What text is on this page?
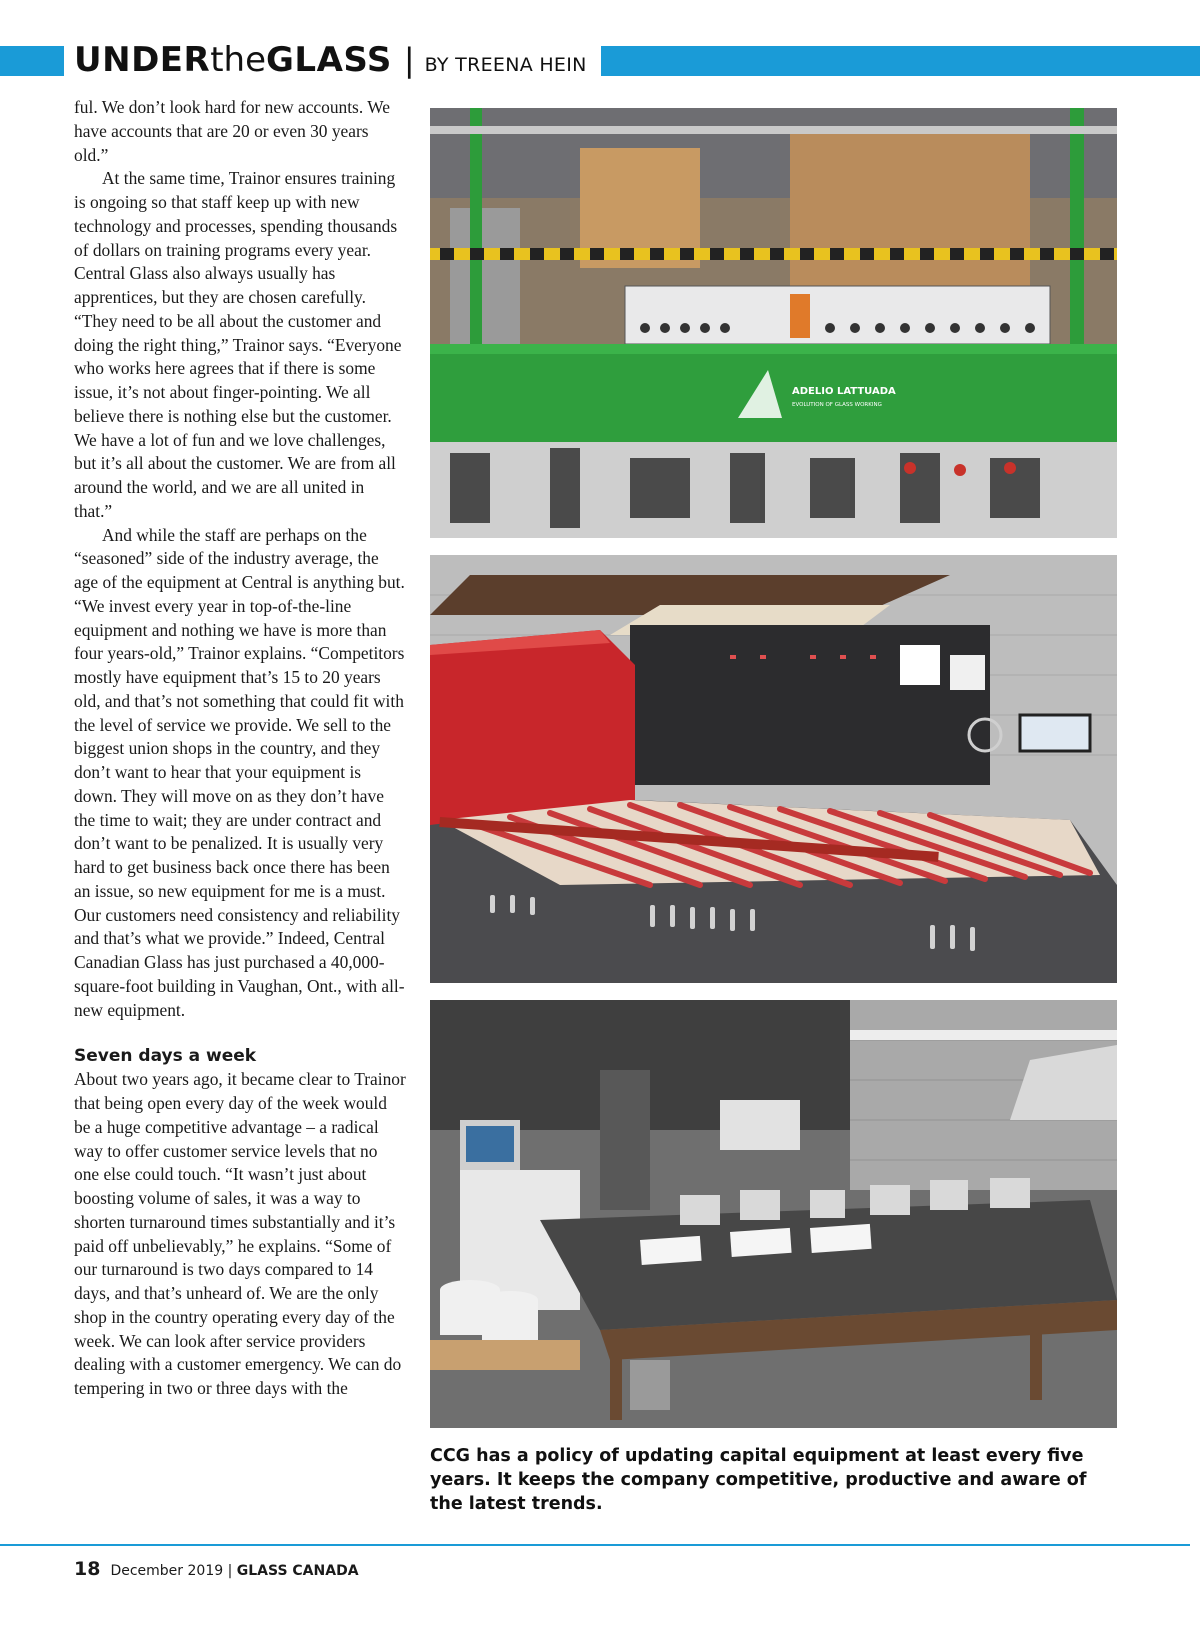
UNDER the GLASS | BY TREENA HEIN

ful. We don’t look hard for new accounts. We have accounts that are 20 or even 30 years old.”

At the same time, Trainor ensures training is ongoing so that staff keep up with new technology and processes, spending thousands of dollars on training programs every year. Central Glass also always usually has apprentices, but they are chosen carefully. “They need to be all about the customer and doing the right thing,” Trainor says. “Everyone who works here agrees that if there is some issue, it’s not about finger-pointing. We all believe there is nothing else but the customer. We have a lot of fun and we love challenges, but it’s all about the customer. We are from all around the world, and we are all united in that.”

And while the staff are perhaps on the “seasoned” side of the industry average, the age of the equipment at Central is anything but. “We invest every year in top-of-the-line equipment and nothing we have is more than four years-old,” Trainor explains. “Competitors mostly have equipment that’s 15 to 20 years old, and that’s not something that could fit with the level of service we provide. We sell to the biggest union shops in the country, and they don’t want to hear that your equipment is down. They will move on as they don’t have the time to wait; they are under contract and don’t want to be penalized. It is usually very hard to get business back once there has been an issue, so new equipment for me is a must. Our customers need consistency and reliability and that’s what we provide.” Indeed, Central Canadian Glass has just purchased a 40,000-square-foot building in Vaughan, Ont., with all-new equipment.

Seven days a week

About two years ago, it became clear to Trainor that being open every day of the week would be a huge competitive advantage – a radical way to offer customer service levels that no one else could touch. “It wasn’t just about boosting volume of sales, it was a way to shorten turnaround times substantially and it’s paid off unbelievably,” he explains. “Some of our turnaround is two days compared to 14 days, and that’s unheard of. We are the only shop in the country operating every day of the week. We can look after service providers dealing with a customer emergency. We can do tempering in two or three days with the

ADELIO LATTUADA
EVOLUTION OF GLASS WORKING
CCG has a policy of updating capital equipment at least every five years. It keeps the company competitive, productive and aware of the latest trends.
18 December 2019 | GLASS CANADA
